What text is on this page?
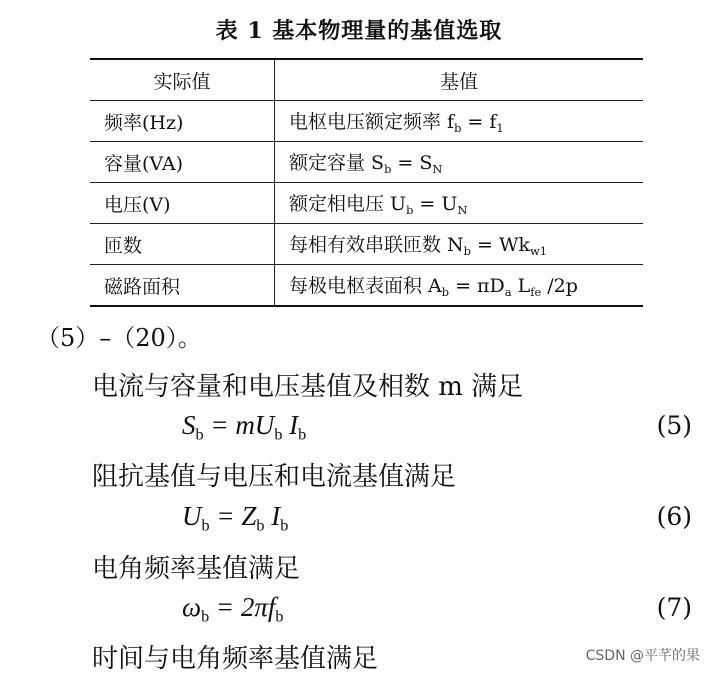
表 1 基本物理量的基值选取
实际值	基值
频率(Hz)	电枢电压额定频率 $f_b = f_1$
容量(VA)	额定容量 $S_b = S_N$
电压(V)	额定相电压 $U_b = U_N$
匝数	每相有效串联匝数 $N_b = Wk_{w1}$
磁路面积	每极电枢表面积 $A_b = \pi D_a$ $L_{fe}$ /2p
（5）–（20）。
电流与容量和电压基值及相数 m 满足
$S_b = mU_b$ $I_b$	(5)
阻抗基值与电压和电流基值满足
$U_b = Z_b$ $I_b$	(6)
电角频率基值满足
$\omega_b = 2\pi f_b$	(7)
时间与电角频率基值满足	CSDN @平芊的果
